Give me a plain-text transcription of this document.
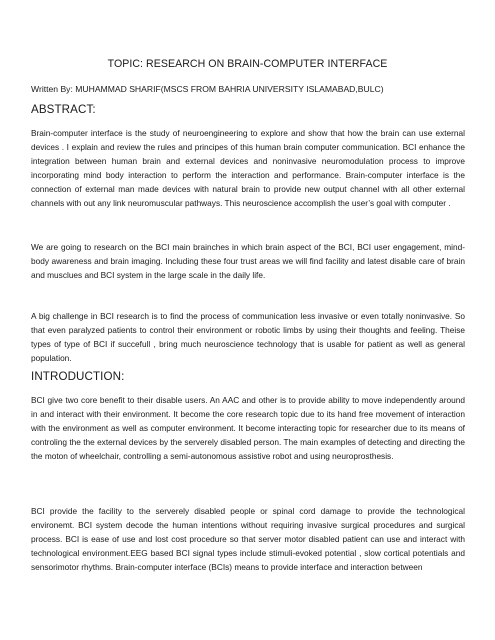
TOPIC: RESEARCH ON BRAIN-COMPUTER INTERFACE

Written By: MUHAMMAD SHARIF(MSCS FROM BAHRIA UNIVERSITY ISLAMABAD,BULC)

ABSTRACT:

Brain-computer interface is the study of neuroengineering to explore and show that how the brain can use external devices . I explain and review the rules and principes of this human brain computer communication. BCI enhance the integration between human brain and external devices and noninvasive neuromodulation process to improve incorporating mind body interaction to perform the interaction and performance. Brain-computer interface is the connection of external man made devices with natural brain to provide new output channel with all other external channels with out any link neuromuscular pathways. This neuroscience accomplish the user’s goal with computer .

We are going to research on the BCI main brainches in which brain aspect of the BCI, BCI user engagement, mind-body awareness and brain imaging. Including these four trust areas we will find facility and latest disable care of brain and musclues and BCI system in the large scale in the daily life.

A big challenge in BCI research is to find the process of communication less invasive or even totally noninvasive. So that even paralyzed patients to control their environment or robotic limbs by using their thoughts and feeling. Theise types of type of BCI if succefull , bring much neuroscience technology that is usable for patient as well as general population.

INTRODUCTION:

BCI give two core benefit to their disable users. An AAC and other is to provide ability to move independently around in and interact with their environment. It become the core research topic due to its hand free movement of interaction with the environment as well as computer environment. It become interacting topic for researcher due to its means of controling the the external devices by the serverely disabled person. The main examples of detecting and directing the the moton of wheelchair, controlling a semi-autonomous assistive robot and using neuroprosthesis.

BCI provide the facility to the serverely disabled people or spinal cord damage to provide the technological environemt. BCI system decode the human intentions without requiring invasive surgical procedures and surgical process. BCI is ease of use and lost cost procedure so that server motor disabled patient can use and interact with technological environment.EEG based BCI signal types include stimuli-evoked potential , slow cortical potentials and sensorimotor rhythms. Brain-computer interface (BCIs) means to provide interface and interaction between
